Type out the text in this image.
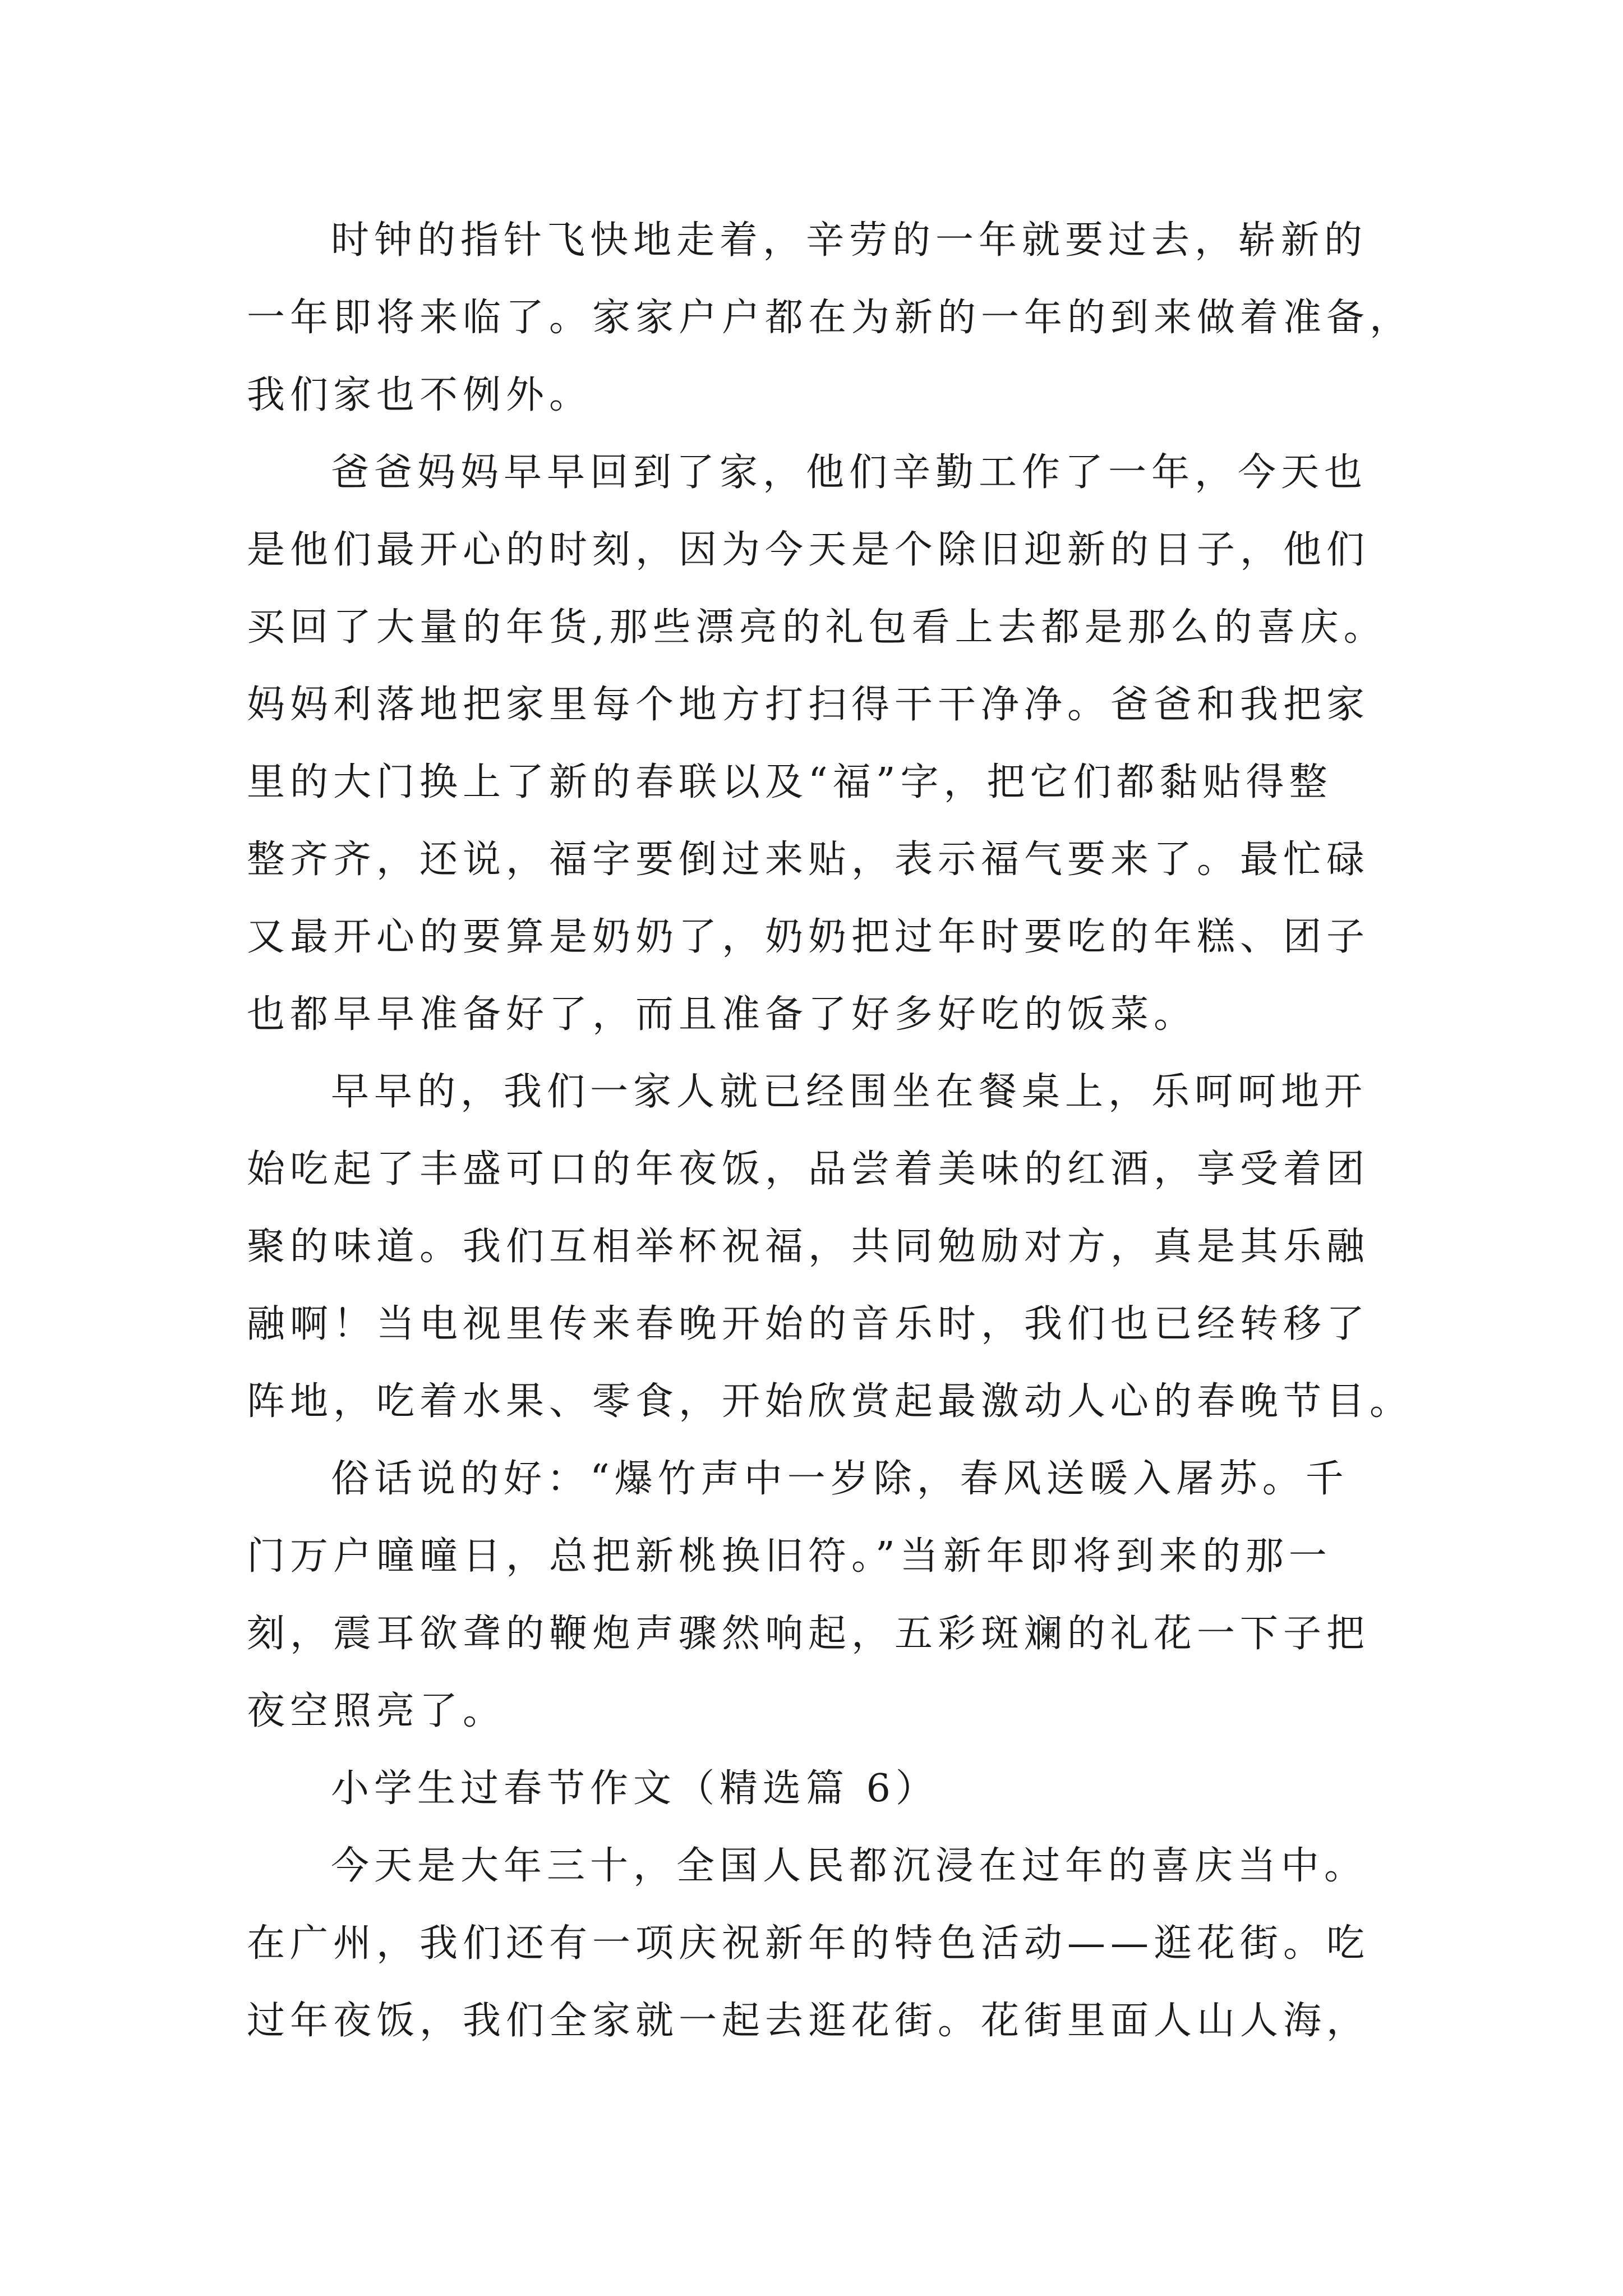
时钟的指针飞快地走着，辛劳的一年就要过去，崭新的
一年即将来临了。家家户户都在为新的一年的到来做着准备，
我们家也不例外。
爸爸妈妈早早回到了家，他们辛勤工作了一年，今天也
是他们最开心的时刻，因为今天是个除旧迎新的日子，他们
买回了大量的年货,那些漂亮的礼包看上去都是那么的喜庆。
妈妈利落地把家里每个地方打扫得干干净净。爸爸和我把家
里的大门换上了新的春联以及“福”字，把它们都黏贴得整
整齐齐，还说，福字要倒过来贴，表示福气要来了。最忙碌
又最开心的要算是奶奶了，奶奶把过年时要吃的年糕、团子
也都早早准备好了，而且准备了好多好吃的饭菜。
早早的，我们一家人就已经围坐在餐桌上，乐呵呵地开
始吃起了丰盛可口的年夜饭，品尝着美味的红酒，享受着团
聚的味道。我们互相举杯祝福，共同勉励对方，真是其乐融
融啊！当电视里传来春晚开始的音乐时，我们也已经转移了
阵地，吃着水果、零食，开始欣赏起最激动人心的春晚节目。
俗话说的好：“爆竹声中一岁除，春风送暖入屠苏。千
门万户曈曈日，总把新桃换旧符。”当新年即将到来的那一
刻，震耳欲聋的鞭炮声骤然响起，五彩斑斓的礼花一下子把
夜空照亮了。
小学生过春节作文（精选篇 6）
今天是大年三十，全国人民都沉浸在过年的喜庆当中。
在广州，我们还有一项庆祝新年的特色活动——逛花街。吃
过年夜饭，我们全家就一起去逛花街。花街里面人山人海，
